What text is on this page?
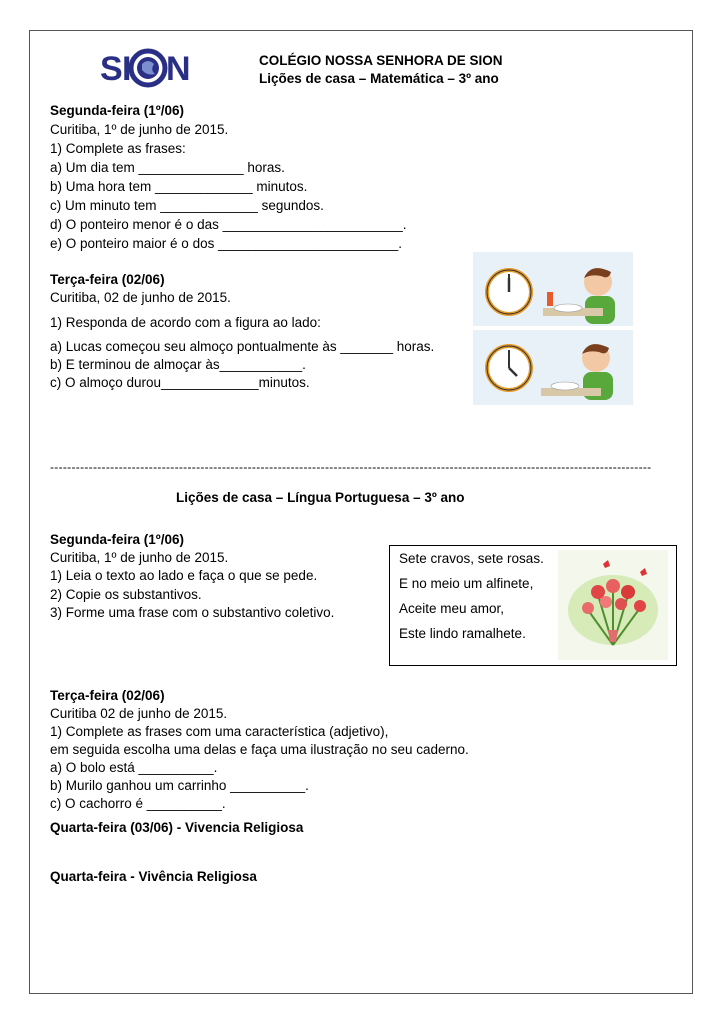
S I N	COLÉGIO NOSSA SENHORA DE SION
Lições de casa – Matemática – 3º ano
Segunda-feira (1º/06)
Curitiba, 1º de junho de 2015.
1) Complete as frases:
a) Um dia tem ______________ horas.
b) Uma hora tem _____________ minutos.
c) Um minuto tem _____________ segundos.
d) O ponteiro menor é o das ________________________.
e) O ponteiro maior é o dos ________________________.
Terça-feira (02/06)
Curitiba, 02 de junho de 2015.
1) Responda de acordo com a figura ao lado:
a) Lucas começou seu almoço pontualmente às _______ horas.
b) E terminou de almoçar às___________.
c) O almoço durou_____________minutos.
--------------------------------------------------------------------------------------------------------------------------------------------
Lições de casa – Língua Portuguesa – 3º ano
Segunda-feira (1º/06)
Curitiba, 1º de junho de 2015.
1) Leia o texto ao lado e faça o que se pede.
2) Copie os substantivos.
3) Forme uma frase com o substantivo coletivo.
Sete cravos, sete rosas.
E no meio um alfinete,
Aceite meu amor,
Este lindo ramalhete.
Terça-feira (02/06)
Curitiba 02 de junho de 2015.
1) Complete as frases com uma característica (adjetivo),
em seguida escolha uma delas e faça uma ilustração no seu caderno.
a) O bolo está __________.
b) Murilo ganhou um carrinho __________.
c) O cachorro é __________.
Quarta-feira (03/06) - Vivencia Religiosa
Quarta-feira - Vivência Religiosa
